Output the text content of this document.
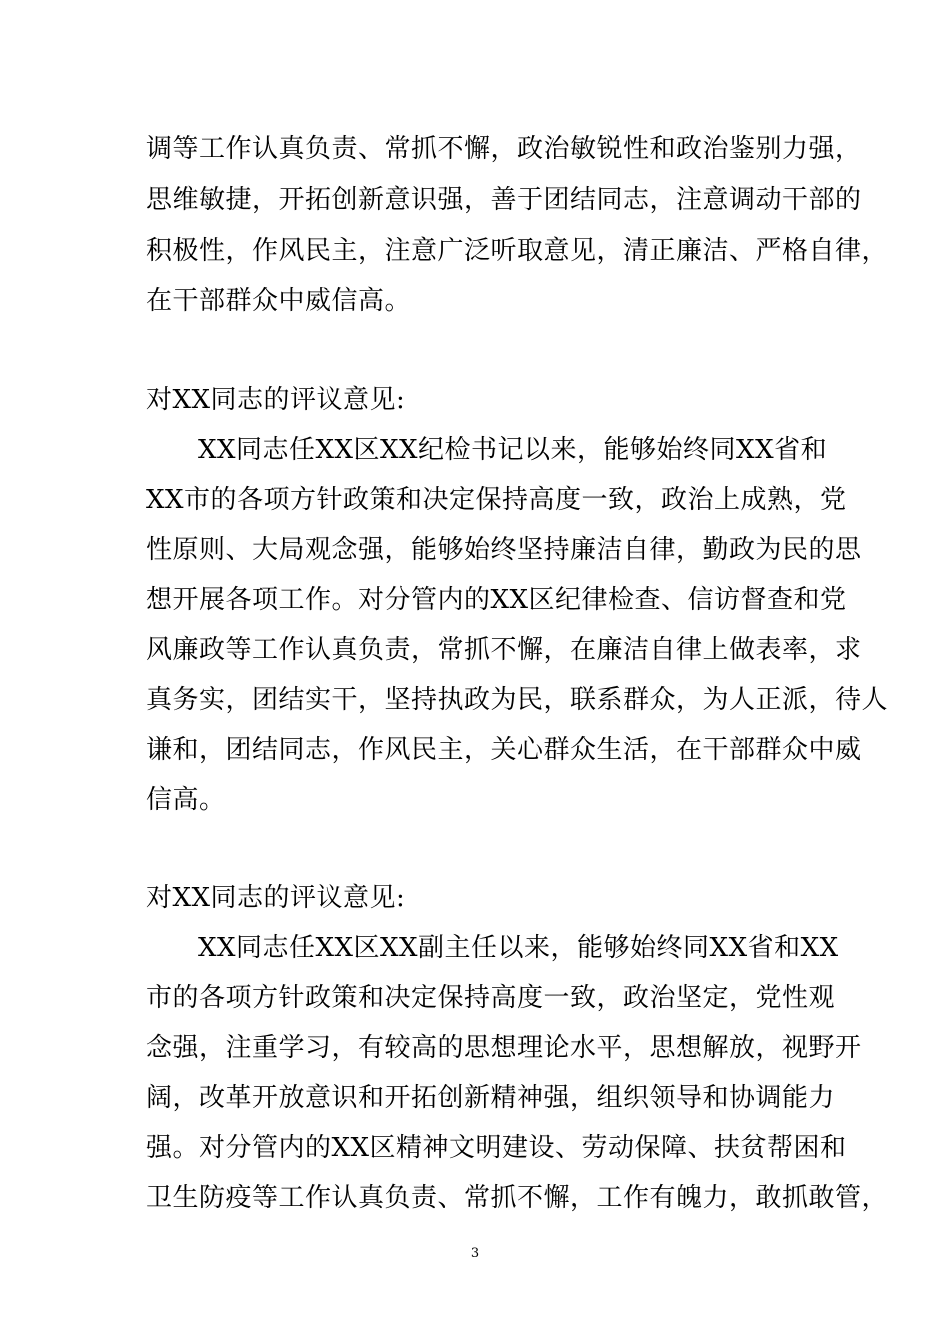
调等工作认真负责、常抓不懈，政治敏锐性和政治鉴别力强，
思维敏捷，开拓创新意识强，善于团结同志，注意调动干部的
积极性，作风民主，注意广泛听取意见，清正廉洁、严格自律，
在干部群众中威信高。
对XX同志的评议意见:
XX同志任XX区XX纪检书记以来，能够始终同XX省和
XX市的各项方针政策和决定保持高度一致，政治上成熟，党
性原则、大局观念强，能够始终坚持廉洁自律，勤政为民的思
想开展各项工作。对分管内的XX区纪律检查、信访督查和党
风廉政等工作认真负责，常抓不懈，在廉洁自律上做表率，求
真务实，团结实干，坚持执政为民，联系群众，为人正派，待人
谦和，团结同志，作风民主，关心群众生活，在干部群众中威
信高。
对XX同志的评议意见:
XX同志任XX区XX副主任以来，能够始终同XX省和XX
市的各项方针政策和决定保持高度一致，政治坚定，党性观
念强，注重学习，有较高的思想理论水平，思想解放，视野开
阔，改革开放意识和开拓创新精神强，组织领导和协调能力
强。对分管内的XX区精神文明建设、劳动保障、扶贫帮困和
卫生防疫等工作认真负责、常抓不懈，工作有魄力，敢抓敢管，
3
